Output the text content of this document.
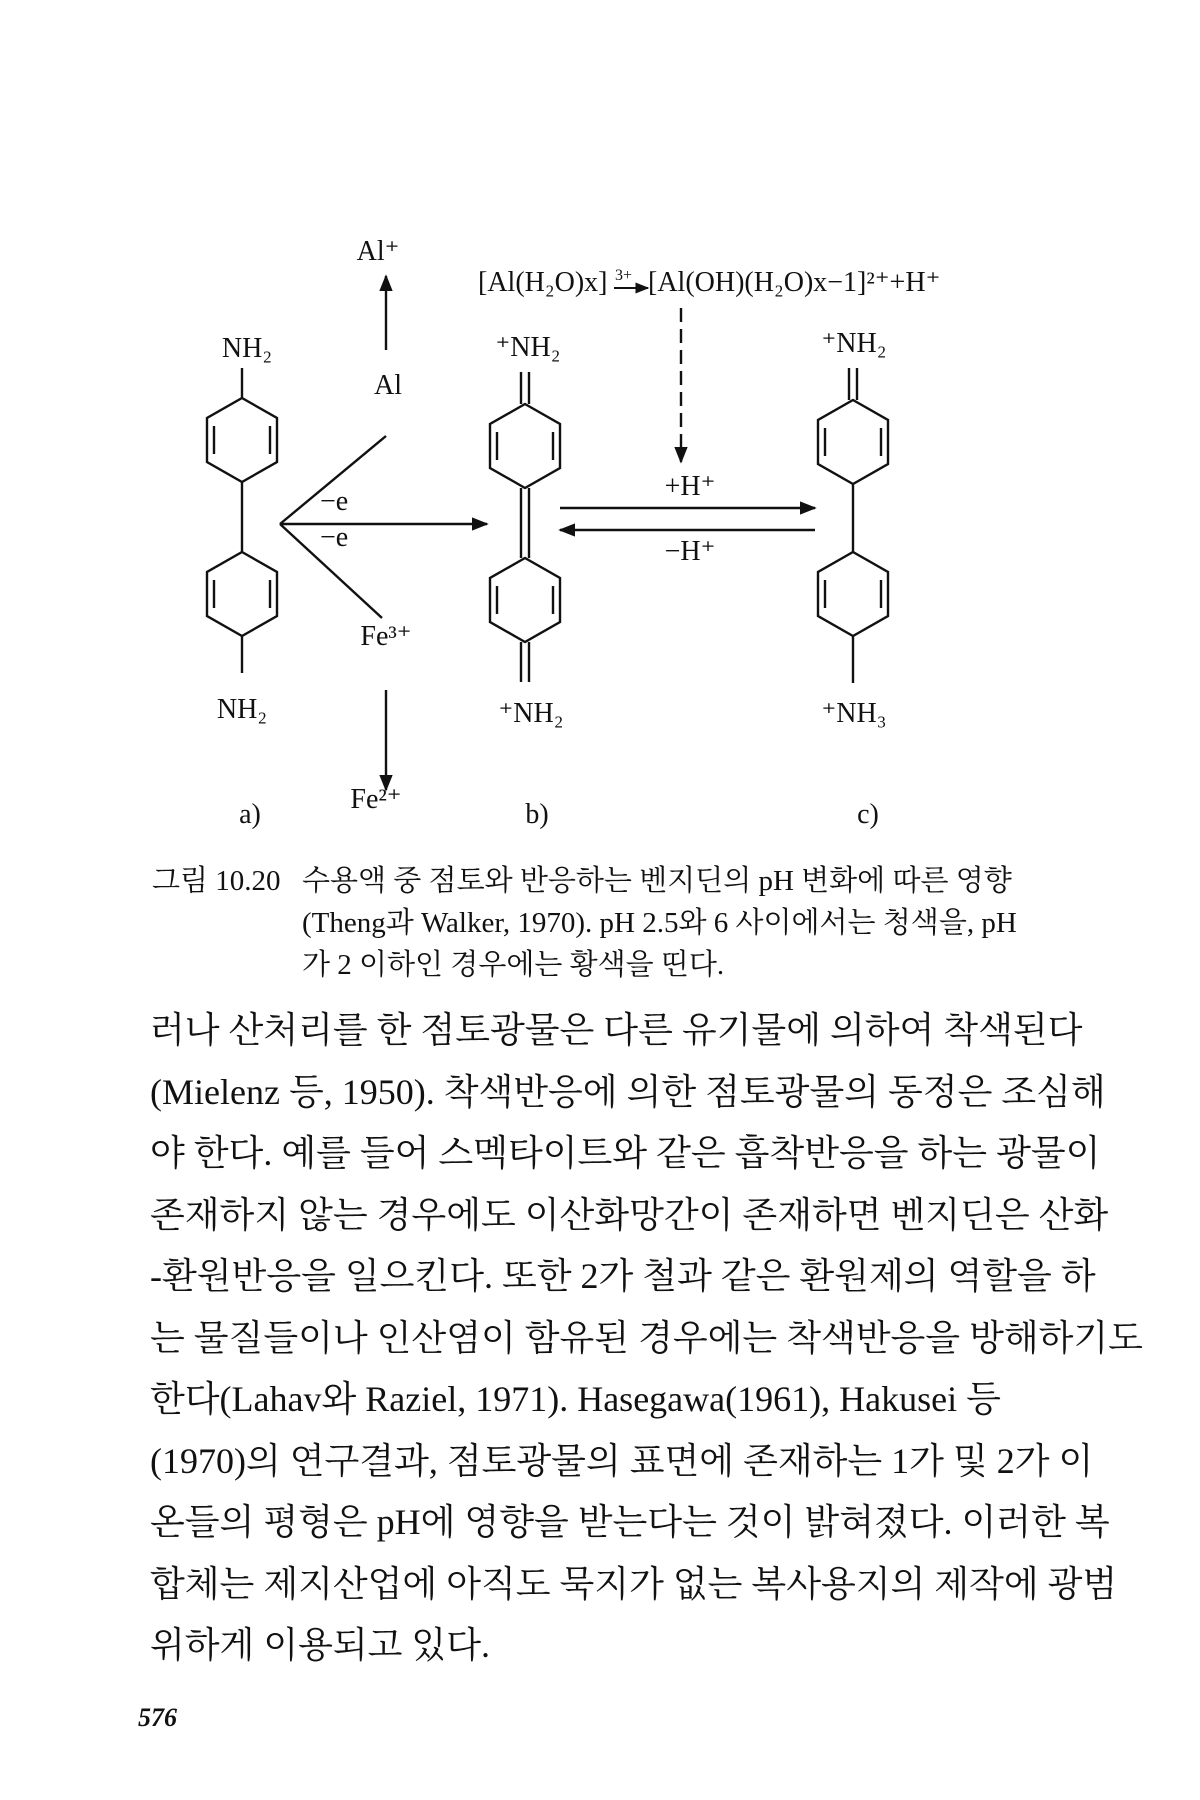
NH₂
NH₂
Al⁺
Al
−e
−e
Fe³⁺
Fe²⁺
⁺NH₂
⁺NH₂
[Al(H₂O)x] 3+ [Al(OH)(H₂O)x−1]²⁺+H⁺
+H⁺
−H⁺
⁺NH₂
⁺NH₃
a)	b)	c)
그림 10.20 수용액 중 점토와 반응하는 벤지딘의 pH 변화에 따른 영향
(Theng과 Walker, 1970). pH 2.5와 6 사이에서는 청색을, pH
가 2 이하인 경우에는 황색을 띤다.
러나 산처리를 한 점토광물은 다른 유기물에 의하여 착색된다
(Mielenz 등, 1950). 착색반응에 의한 점토광물의 동정은 조심해
야 한다. 예를 들어 스멕타이트와 같은 흡착반응을 하는 광물이
존재하지 않는 경우에도 이산화망간이 존재하면 벤지딘은 산화
-환원반응을 일으킨다. 또한 2가 철과 같은 환원제의 역할을 하
는 물질들이나 인산염이 함유된 경우에는 착색반응을 방해하기도
한다(Lahav와 Raziel, 1971). Hasegawa(1961), Hakusei 등
(1970)의 연구결과, 점토광물의 표면에 존재하는 1가 및 2가 이
온들의 평형은 pH에 영향을 받는다는 것이 밝혀졌다. 이러한 복
합체는 제지산업에 아직도 묵지가 없는 복사용지의 제작에 광범
위하게 이용되고 있다.
576
